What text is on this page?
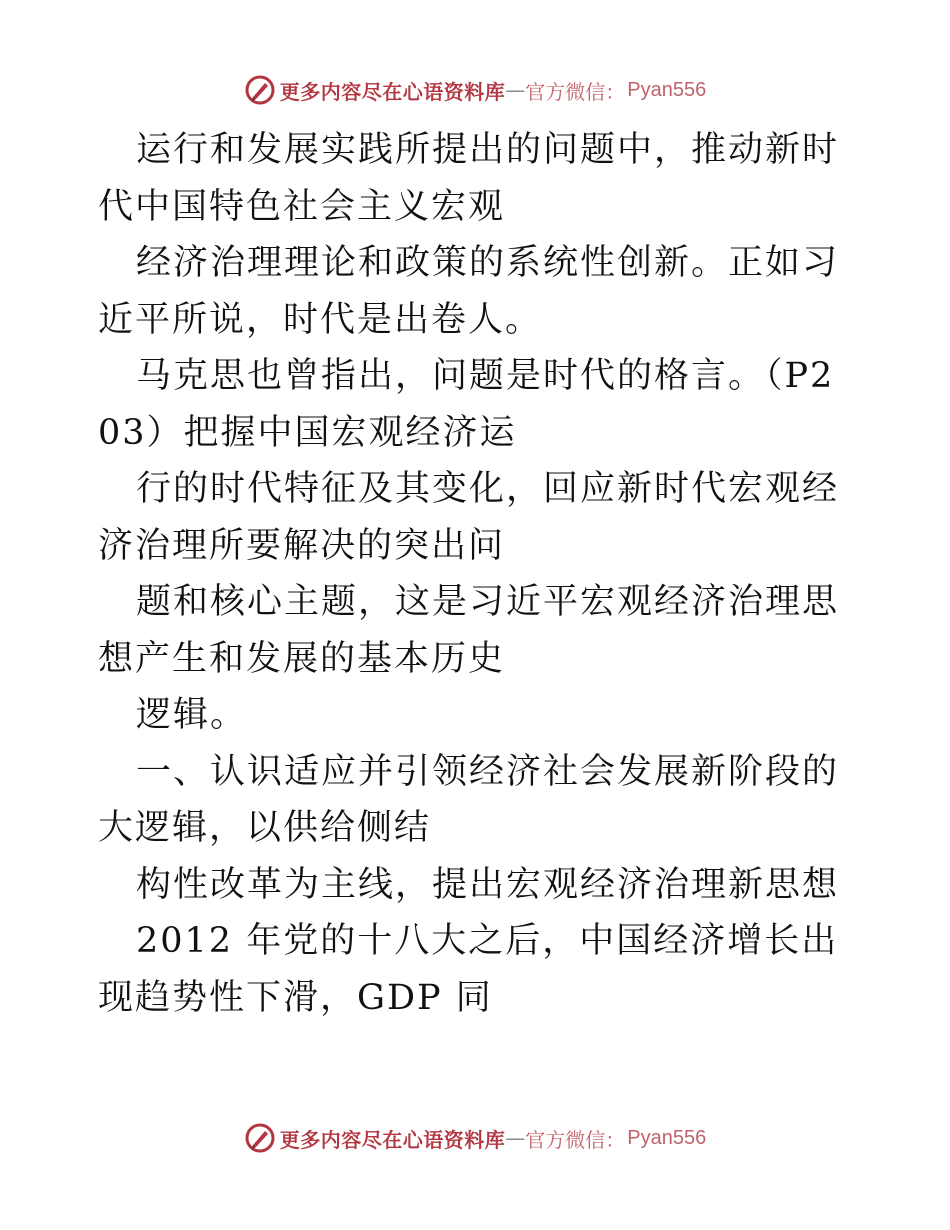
更多内容尽在心语资料库 — 官方微信： Pyan556

运行和发展实践所提出的问题中，推动新时代中国特色社会主义宏观

经济治理理论和政策的系统性创新。正如习近平所说，时代是出卷人。

马克思也曾指出，问题是时代的格言。（P203）把握中国宏观经济运

行的时代特征及其变化，回应新时代宏观经济治理所要解决的突出问

题和核心主题，这是习近平宏观经济治理思想产生和发展的基本历史

逻辑。

一、认识适应并引领经济社会发展新阶段的大逻辑，以供给侧结

构性改革为主线，提出宏观经济治理新思想

2012 年党的十八大之后，中国经济增长出现趋势性下滑，GDP 同

更多内容尽在心语资料库 — 官方微信： Pyan556
